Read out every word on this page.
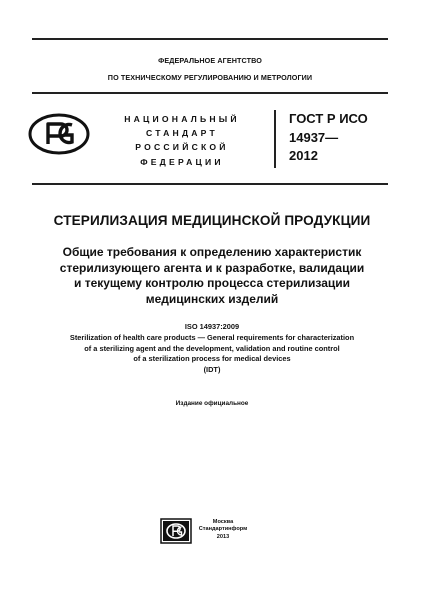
ФЕДЕРАЛЬНОЕ АГЕНТСТВО
ПО ТЕХНИЧЕСКОМУ РЕГУЛИРОВАНИЮ И МЕТРОЛОГИИ
НАЦИОНАЛЬНЫЙ
СТАНДАРТ
РОССИЙСКОЙ
ФЕДЕРАЦИИ
ГОСТ Р ИСО
14937—
2012
СТЕРИЛИЗАЦИЯ МЕДИЦИНСКОЙ ПРОДУКЦИИ
Общие требования к определению характеристик
стерилизующего агента и к разработке, валидации
и текущему контролю процесса стерилизации
медицинских изделий
ISO 14937:2009
Sterilization of health care products — General requirements for characterization
of a sterilizing agent and the development, validation and routine control
of a sterilization process for medical devices
(IDT)
Издание официальное
Москва
Стандартинформ
2013
